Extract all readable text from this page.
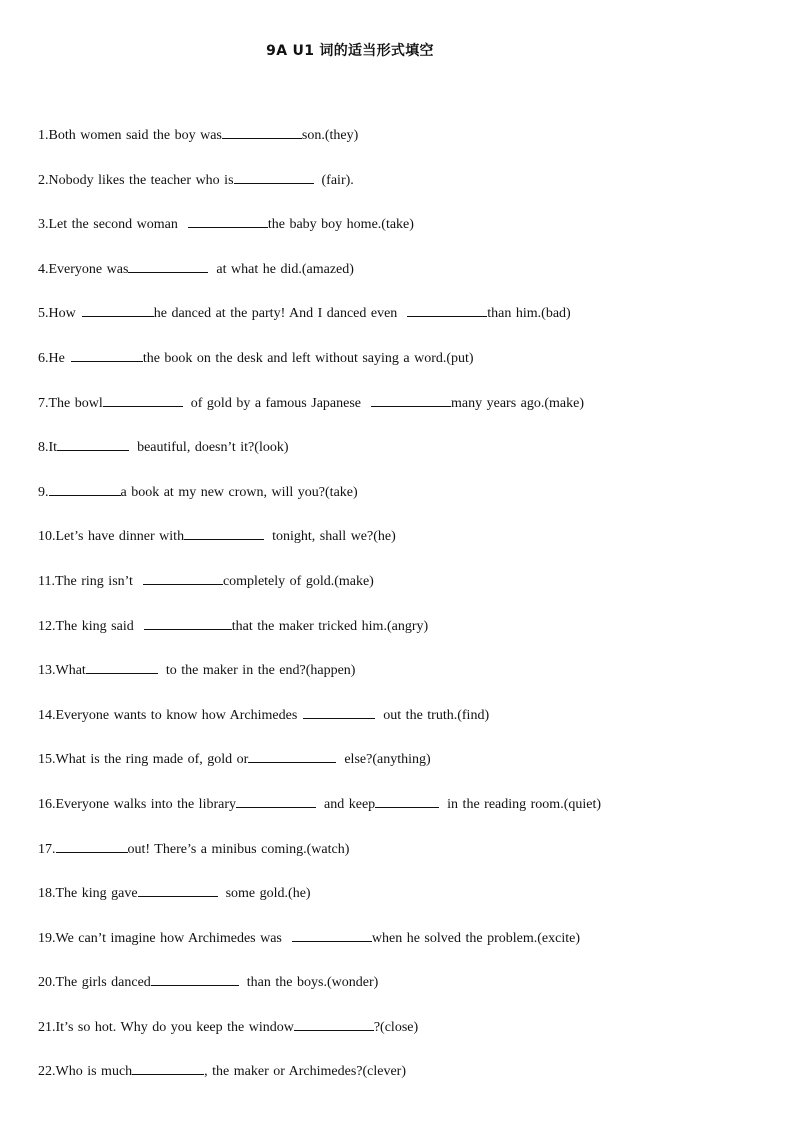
9A U1 词的适当形式填空
1.Both women said the boy was	son.(they)
2.Nobody likes the teacher who is	(fair).
3.Let the second woman	the baby boy home.(take)
4.Everyone was	at what he did.(amazed)
5.How	he danced at the party! And I danced even	than him.(bad)
6.He	the book on the desk and left without saying a word.(put)
7.The bowl	of gold by a famous Japanese	many years ago.(make)
8.It	beautiful, doesn’t it?(look)
9.	a book at my new crown, will you?(take)
10.Let’s have dinner with	tonight, shall we?(he)
11.The ring isn’t	completely of gold.(make)
12.The king said	that the maker tricked him.(angry)
13.What	to the maker in the end?(happen)
14.Everyone wants to know how Archimedes	out the truth.(find)
15.What is the ring made of, gold or	else?(anything)
16.Everyone walks into the library	and keep	in the reading room.(quiet)
17.	out! There’s a minibus coming.(watch)
18.The king gave	some gold.(he)
19.We can’t imagine how Archimedes was	when he solved the problem.(excite)
20.The girls danced	than the boys.(wonder)
21.It’s so hot. Why do you keep the window	?(close)
22.Who is much	, the maker or Archimedes?(clever)
